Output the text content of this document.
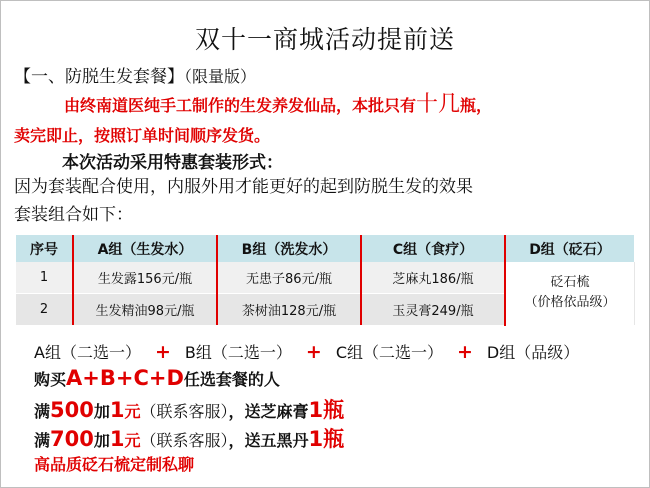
双十一商城活动提前送
【一、防脱生发套餐】（限量版）
由终南道医纯手工制作的生发养发仙品，本批只有十几瓶，
卖完即止，按照订单时间顺序发货。
本次活动采用特惠套装形式：
因为套装配合使用，内服外用才能更好的起到防脱生发的效果
套装组合如下：
序号	A组（生发水）	B组（洗发水）	C组（食疗）	D组（砭石）
1	生发露156元/瓶	无患子86元/瓶	芝麻丸186/瓶	砭石梳
（价格依品级）

2	生发精油98元/瓶	茶树油128元/瓶	玉灵膏249/瓶	
A组（二选一） + B组（二选一） + C组（二选一） + D组（品级）
购买A+B+C+D任选套餐的人
满500加1元（联系客服），送芝麻膏1瓶
满700加1元（联系客服），送五黑丹1瓶
高品质砭石梳定制私聊
